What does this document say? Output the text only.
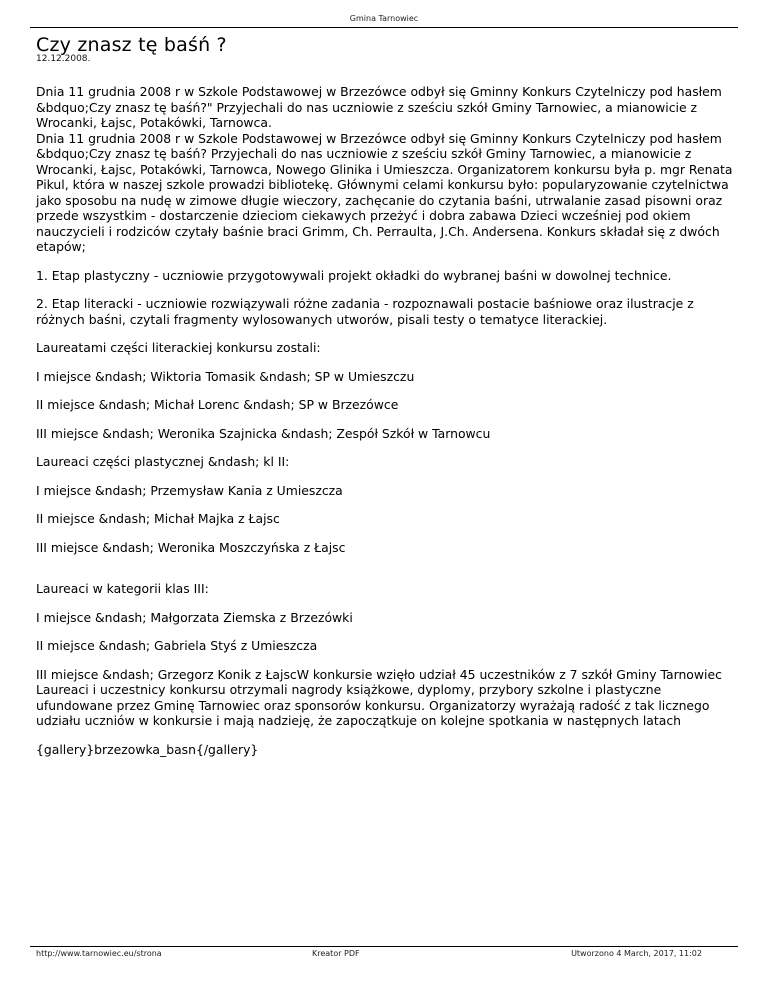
Gmina Tarnowiec
Czy znasz tę baśń ?
12.12.2008.

Dnia 11 grudnia 2008 r w Szkole Podstawowej w Brzezówce odbył się Gminny Konkurs Czytelniczy pod hasłem &bdquo;Czy znasz tę baśń?" Przyjechali do nas uczniowie z sześciu szkół Gminy Tarnowiec, a mianowicie z Wrocanki, Łajsc, Potakówki, Tarnowca.
Dnia 11 grudnia 2008 r w Szkole Podstawowej w Brzezówce odbył się Gminny Konkurs Czytelniczy pod hasłem &bdquo;Czy znasz tę baśń? Przyjechali do nas uczniowie z sześciu szkół Gminy Tarnowiec, a mianowicie z Wrocanki, Łajsc, Potakówki, Tarnowca, Nowego Glinika i Umieszcza. Organizatorem konkursu była p. mgr Renata Pikul, która w naszej szkole prowadzi bibliotekę. Głównymi celami konkursu było: popularyzowanie czytelnictwa jako sposobu na nudę w zimowe długie wieczory, zachęcanie do czytania baśni, utrwalanie zasad pisowni oraz przede wszystkim - dostarczenie dzieciom ciekawych przeżyć i dobra zabawa Dzieci wcześniej pod okiem nauczycieli i rodziców czytały baśnie braci Grimm, Ch. Perraulta, J.Ch. Andersena. Konkurs składał się z dwóch etapów;

1. Etap plastyczny - uczniowie przygotowywali projekt okładki do wybranej baśni w dowolnej technice.

2. Etap literacki - uczniowie rozwiązywali różne zadania - rozpoznawali postacie baśniowe oraz ilustracje z różnych baśni, czytali fragmenty wylosowanych utworów, pisali testy o tematyce literackiej.

Laureatami części literackiej konkursu zostali:

I miejsce &ndash; Wiktoria Tomasik &ndash; SP w Umieszczu

II miejsce &ndash; Michał Lorenc &ndash; SP w Brzezówce

III miejsce &ndash; Weronika Szajnicka &ndash; Zespół Szkół w Tarnowcu

Laureaci części plastycznej &ndash; kl II:

I miejsce &ndash; Przemysław Kania z Umieszcza

II miejsce &ndash; Michał Majka z Łajsc

III miejsce &ndash; Weronika Moszczyńska z Łajsc

Laureaci w kategorii klas III:

I miejsce &ndash; Małgorzata Ziemska z Brzezówki

II miejsce &ndash; Gabriela Styś z Umieszcza

III miejsce &ndash; Grzegorz Konik z ŁajscW konkursie wzięło udział 45 uczestników z 7 szkół Gminy Tarnowiec Laureaci i uczestnicy konkursu otrzymali nagrody książkowe, dyplomy, przybory szkolne i plastyczne ufundowane przez Gminę Tarnowiec oraz sponsorów konkursu. Organizatorzy wyrażają radość z tak licznego udziału uczniów w konkursie i mają nadzieję, że zapoczątkuje on kolejne spotkania w następnych latach

{gallery}brzezowka_basn{/gallery}

http://www.tarnowiec.eu/strona	Kreator PDF	Utworzono 4 March, 2017, 11:02
